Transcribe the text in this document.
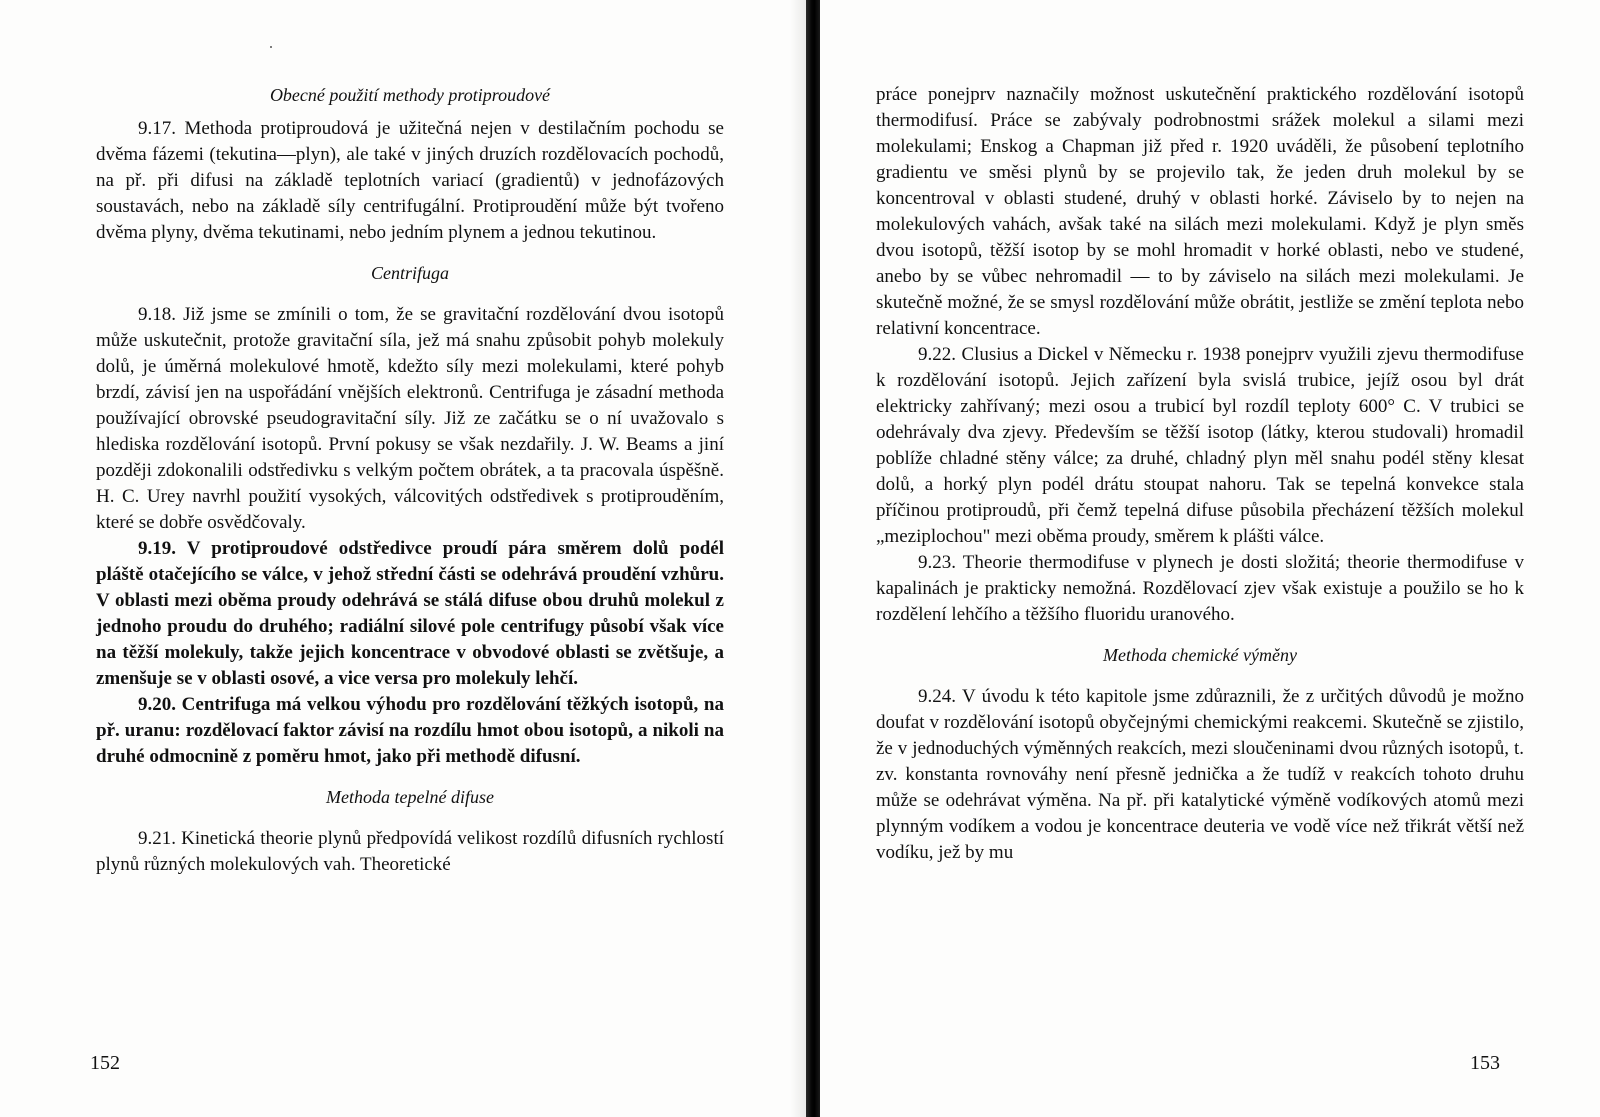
Obecné použití methody protiproudové

9.17. Methoda protiproudová je užitečná nejen v destilačním pochodu se dvěma fázemi (tekutina—plyn), ale také v jiných druzích rozdělovacích pochodů, na př. při difusi na základě teplotních variací (gradientů) v jednofázových soustavách, nebo na základě síly centrifugální. Protiproudění může být tvořeno dvěma plyny, dvěma tekutinami, nebo jedním plynem a jednou tekutinou.

Centrifuga

9.18. Již jsme se zmínili o tom, že se gravitační rozdělování dvou isotopů může uskutečnit, protože gravitační síla, jež má snahu způsobit pohyb molekuly dolů, je úměrná molekulové hmotě, kdežto síly mezi molekulami, které pohyb brzdí, závisí jen na uspořádání vnějších elektronů. Centrifuga je zásadní methoda používající obrovské pseudogravitační síly. Již ze začátku se o ní uvažovalo s hlediska rozdělování isotopů. První pokusy se však nezdařily. J. W. Beams a jiní později zdokonalili odstředivku s velkým počtem obrátek, a ta pracovala úspěšně. H. C. Urey navrhl použití vysokých, válcovitých odstředivek s protiprouděním, které se dobře osvědčovaly.

9.19. V protiproudové odstředivce proudí pára směrem dolů podél pláště otačejícího se válce, v jehož střední části se odehrává proudění vzhůru. V oblasti mezi oběma proudy odehrává se stálá difuse obou druhů molekul z jednoho proudu do druhého; radiální silové pole centrifugy působí však více na těžší molekuly, takže jejich koncentrace v obvodové oblasti se zvětšuje, a zmenšuje se v oblasti osové, a vice versa pro molekuly lehčí.

9.20. Centrifuga má velkou výhodu pro rozdělování těžkých isotopů, na př. uranu: rozdělovací faktor závisí na rozdílu hmot obou isotopů, a nikoli na druhé odmocnině z poměru hmot, jako při methodě difusní.

Methoda tepelné difuse

9.21. Kinetická theorie plynů předpovídá velikost rozdílů difusních rychlostí plynů různých molekulových vah. Theoretické

152

práce ponejprv naznačily možnost uskutečnění praktického rozdělování isotopů thermodifusí. Práce se zabývaly podrobnostmi srážek molekul a silami mezi molekulami; Enskog a Chapman již před r. 1920 uváděli, že působení teplotního gradientu ve směsi plynů by se projevilo tak, že jeden druh molekul by se koncentroval v oblasti studené, druhý v oblasti horké. Záviselo by to nejen na molekulových vahách, avšak také na silách mezi molekulami. Když je plyn směs dvou isotopů, těžší isotop by se mohl hromadit v horké oblasti, nebo ve studené, anebo by se vůbec nehromadil — to by záviselo na silách mezi molekulami. Je skutečně možné, že se smysl rozdělování může obrátit, jestliže se změní teplota nebo relativní koncentrace.

9.22. Clusius a Dickel v Německu r. 1938 ponejprv využili zjevu thermodifuse k rozdělování isotopů. Jejich zařízení byla svislá trubice, jejíž osou byl drát elektricky zahřívaný; mezi osou a trubicí byl rozdíl teploty 600° C. V trubici se odehrávaly dva zjevy. Především se těžší isotop (látky, kterou studovali) hromadil poblíže chladné stěny válce; za druhé, chladný plyn měl snahu podél stěny klesat dolů, a horký plyn podél drátu stoupat nahoru. Tak se tepelná konvekce stala příčinou protiproudů, při čemž tepelná difuse působila přecházení těžších molekul „meziplochou" mezi oběma proudy, směrem k plášti válce.

9.23. Theorie thermodifuse v plynech je dosti složitá; theorie thermodifuse v kapalinách je prakticky nemožná. Rozdělovací zjev však existuje a použilo se ho k rozdělení lehčího a těžšího fluoridu uranového.

Methoda chemické výměny

9.24. V úvodu k této kapitole jsme zdůraznili, že z určitých důvodů je možno doufat v rozdělování isotopů obyčejnými chemickými reakcemi. Skutečně se zjistilo, že v jednoduchých výměnných reakcích, mezi sloučeninami dvou různých isotopů, t. zv. konstanta rovnováhy není přesně jednička a že tudíž v reakcích tohoto druhu může se odehrávat výměna. Na př. při katalytické výměně vodíkových atomů mezi plynným vodíkem a vodou je koncentrace deuteria ve vodě více než třikrát větší než vodíku, jež by mu

153
